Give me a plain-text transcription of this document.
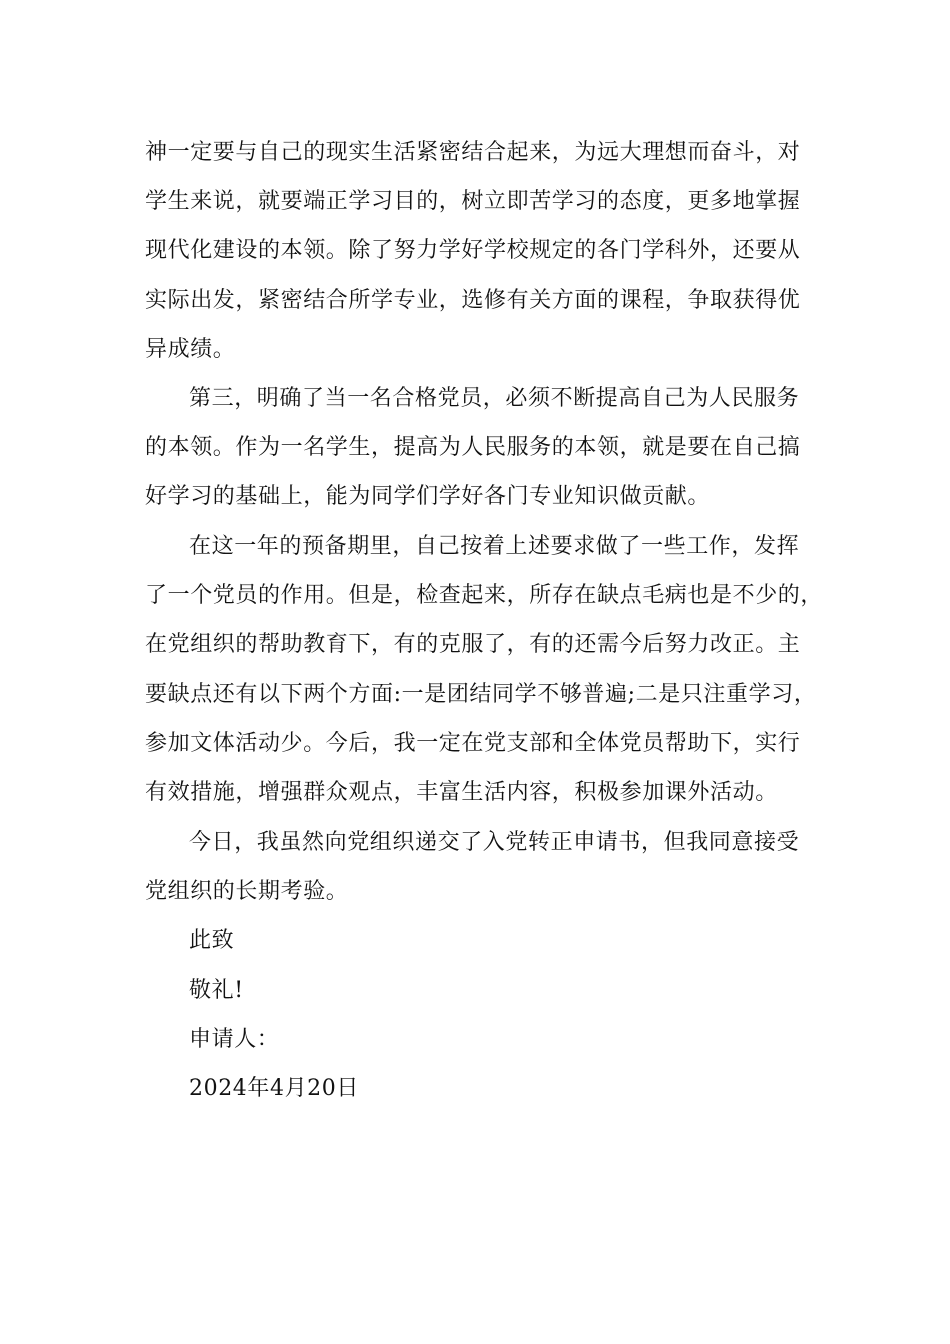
神一定要与自己的现实生活紧密结合起来，为远大理想而奋斗，对
学生来说，就要端正学习目的，树立即苦学习的态度，更多地掌握
现代化建设的本领。除了努力学好学校规定的各门学科外，还要从
实际出发，紧密结合所学专业，选修有关方面的课程，争取获得优
异成绩。
第三，明确了当一名合格党员，必须不断提高自己为人民服务
的本领。作为一名学生，提高为人民服务的本领，就是要在自己搞
好学习的基础上，能为同学们学好各门专业知识做贡献。
在这一年的预备期里，自己按着上述要求做了一些工作，发挥
了一个党员的作用。但是，检查起来，所存在缺点毛病也是不少的，
在党组织的帮助教育下，有的克服了，有的还需今后努力改正。主
要缺点还有以下两个方面:一是团结同学不够普遍;二是只注重学习，
参加文体活动少。今后，我一定在党支部和全体党员帮助下，实行
有效措施，增强群众观点，丰富生活内容，积极参加课外活动。
今日，我虽然向党组织递交了入党转正申请书，但我同意接受
党组织的长期考验。
此致
敬礼!
申请人：
2024年4月20日
